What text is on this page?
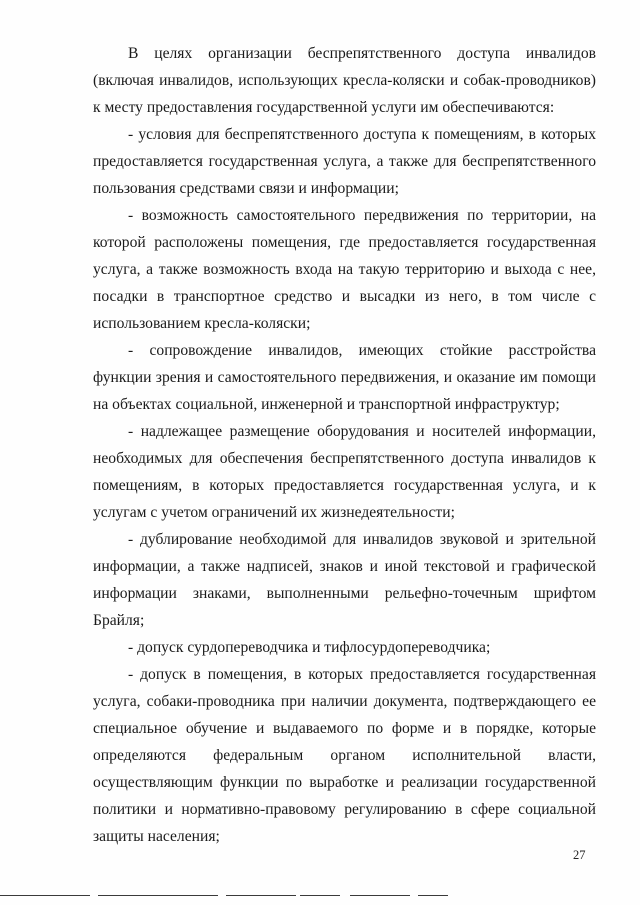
В целях организации беспрепятственного доступа инвалидов (включая инвалидов, использующих кресла-коляски и собак-проводников) к месту предоставления государственной услуги им обеспечиваются:

- условия для беспрепятственного доступа к помещениям, в которых предоставляется государственная услуга, а также для беспрепятственного пользования средствами связи и информации;

- возможность самостоятельного передвижения по территории, на которой расположены помещения, где предоставляется государственная услуга, а также возможность входа на такую территорию и выхода с нее, посадки в транспортное средство и высадки из него, в том числе с использованием кресла-коляски;

- сопровождение инвалидов, имеющих стойкие расстройства функции зрения и самостоятельного передвижения, и оказание им помощи на объектах социальной, инженерной и транспортной инфраструктур;

- надлежащее размещение оборудования и носителей информации, необходимых для обеспечения беспрепятственного доступа инвалидов к помещениям, в которых предоставляется государственная услуга, и к услугам с учетом ограничений их жизнедеятельности;

- дублирование необходимой для инвалидов звуковой и зрительной информации, а также надписей, знаков и иной текстовой и графической информации знаками, выполненными рельефно-точечным шрифтом Брайля;

- допуск сурдопереводчика и тифлосурдопереводчика;

- допуск в помещения, в которых предоставляется государственная услуга, собаки-проводника при наличии документа, подтверждающего ее специальное обучение и выдаваемого по форме и в порядке, которые определяются федеральным органом исполнительной власти, осуществляющим функции по выработке и реализации государственной политики и нормативно-правовому регулированию в сфере социальной защиты населения;

27
